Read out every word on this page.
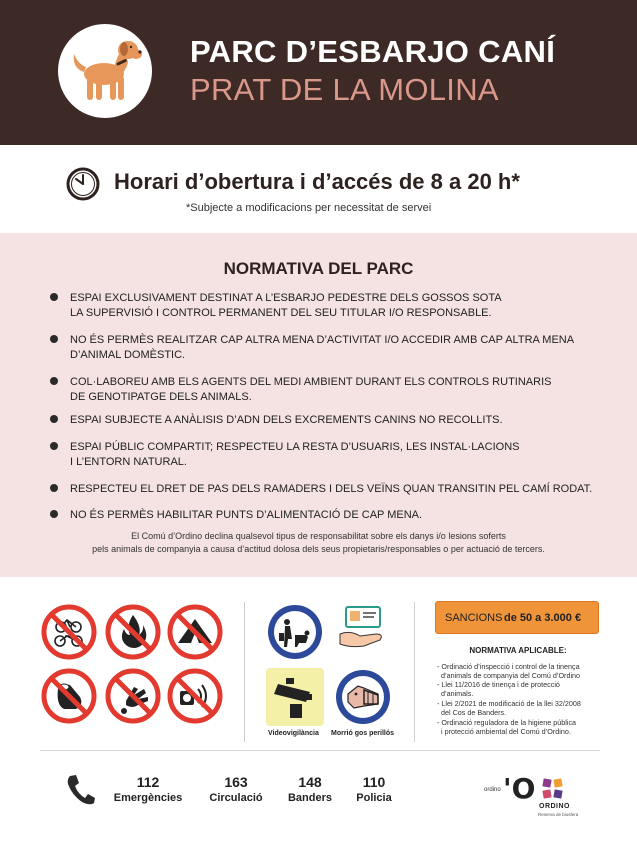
PARC D’ESBARJO CANÍ
PRAT DE LA MOLINA
Horari d’obertura i d’accés de 8 a 20 h*
*Subjecte a modificacions per necessitat de servei
NORMATIVA DEL PARC
ESPAI EXCLUSIVAMENT DESTINAT A L’ESBARJO PEDESTRE DELS GOSSOS SOTA
LA SUPERVISIÓ I CONTROL PERMANENT DEL SEU TITULAR I/O RESPONSABLE.
NO ÉS PERMÈS REALITZAR CAP ALTRA MENA D’ACTIVITAT I/O ACCEDIR AMB CAP ALTRA MENA
D’ANIMAL DOMÈSTIC.
COL·LABOREU AMB ELS AGENTS DEL MEDI AMBIENT DURANT ELS CONTROLS RUTINARIS
DE GENOTIPATGE DELS ANIMALS.
ESPAI SUBJECTE A ANÀLISIS D’ADN DELS EXCREMENTS CANINS NO RECOLLITS.
ESPAI PÚBLIC COMPARTIT; RESPECTEU LA RESTA D’USUARIS, LES INSTAL·LACIONS
I L’ENTORN NATURAL.
RESPECTEU EL DRET DE PAS DELS RAMADERS I DELS VEÏNS QUAN TRANSITIN PEL CAMÍ RODAT.
NO ÉS PERMÈS HABILITAR PUNTS D’ALIMENTACIÓ DE CAP MENA.
El Comú d’Ordino declina qualsevol tipus de responsabilitat sobre els danys i/o lesions soferts
pels animals de companyia a causa d’actitud dolosa dels seus propietaris/responsables o per actuació de tercers.
Videovigilància Morrió gos perillós
SANCIONS de 50 a 3.000 €
NORMATIVA APLICABLE:
- Ordinació d’inspecció i control de la tinença
d’animals de companyia del Comú d’Ordino
- Llei 11/2016 de tinença i de protecció
d’animals.
- Llei 2/2021 de modificació de la llei 32/2008
del Cos de Banders.
- Ordinació reguladora de la higiene pública
i protecció ambiental del Comú d’Ordino.
112
Emergències
163
Circulació
148
Banders
110
Policia
ordino 'O
ORDINO
Reserva de biosfera
